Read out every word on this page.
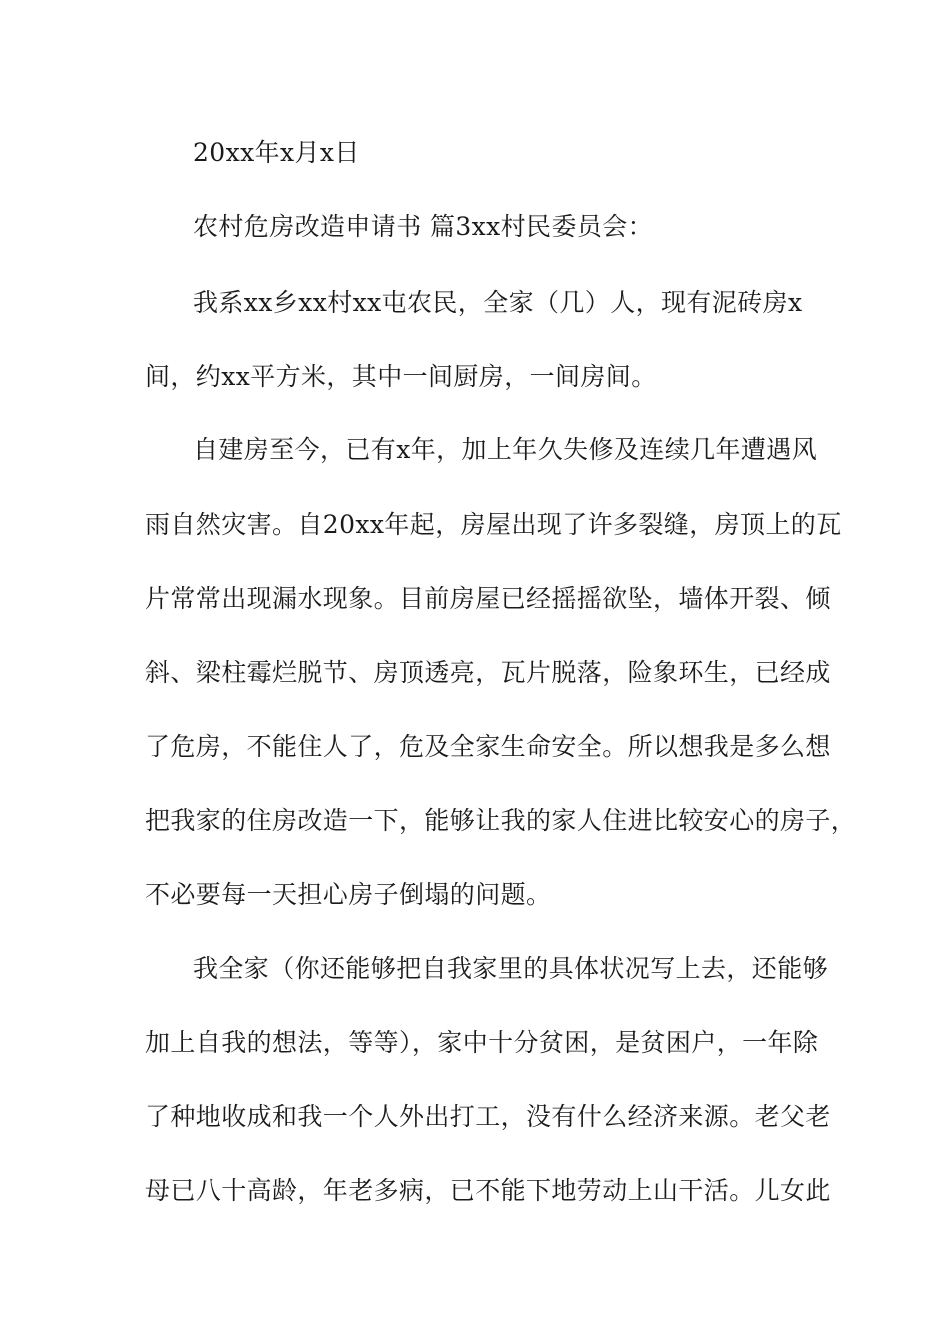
20xx年x月x日
农村危房改造申请书 篇3xx村民委员会：
我系xx乡xx村xx屯农民，全家（几）人，现有泥砖房x
间，约xx平方米，其中一间厨房，一间房间。
自建房至今，已有x年，加上年久失修及连续几年遭遇风
雨自然灾害。自20xx年起，房屋出现了许多裂缝，房顶上的瓦
片常常出现漏水现象。目前房屋已经摇摇欲坠，墙体开裂、倾
斜、梁柱霉烂脱节、房顶透亮，瓦片脱落，险象环生，已经成
了危房，不能住人了，危及全家生命安全。所以想我是多么想
把我家的住房改造一下，能够让我的家人住进比较安心的房子，
不必要每一天担心房子倒塌的问题。
我全家（你还能够把自我家里的具体状况写上去，还能够
加上自我的想法，等等），家中十分贫困，是贫困户，一年除
了种地收成和我一个人外出打工，没有什么经济来源。老父老
母已八十高龄，年老多病，已不能下地劳动上山干活。儿女此
